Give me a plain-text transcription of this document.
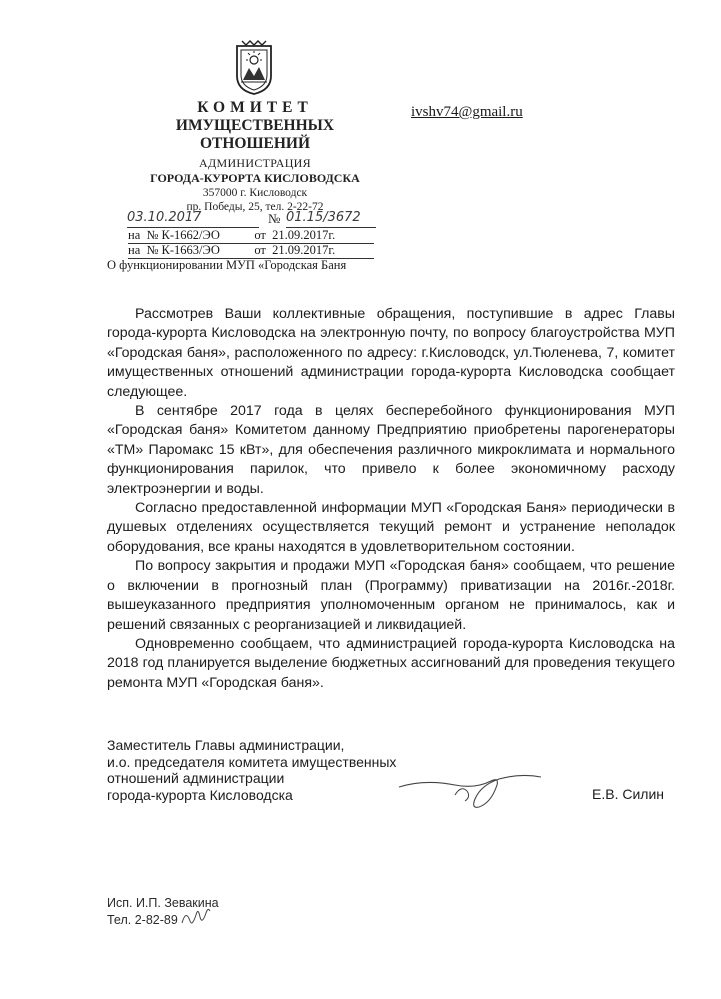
КОМИТЕТ
ИМУЩЕСТВЕННЫХ
ОТНОШЕНИЙ
АДМИНИСТРАЦИЯ
ГОРОДА-КУРОРТА КИСЛОВОДСКА
357000 г. Кисловодск
пр. Победы, 25, тел. 2-22-72
ivshv74@gmail.ru
03.10.2017	№ 01.15/3672
на  № К-1662/ЭО           от  21.09.2017г.
на  № К-1663/ЭО           от  21.09.2017г.
О функционировании МУП «Городская Баня

Рассмотрев Ваши коллективные обращения, поступившие в адрес Главы города-курорта Кисловодска на электронную почту, по вопросу благоустройства МУП «Городская баня», расположенного по адресу: г.Кисловодск, ул.Тюленева, 7, комитет имущественных отношений администрации города-курорта Кисловодска сообщает следующее.

В сентябре 2017 года в целях бесперебойного функционирования МУП «Городская баня» Комитетом данному Предприятию приобретены парогенераторы «ТМ» Паромакс 15 кВт», для обеспечения различного микроклимата и нормального функционирования парилок, что привело к более экономичному расходу электроэнергии и воды.

Согласно предоставленной информации МУП «Городская Баня» периодически в душевых отделениях осуществляется текущий ремонт и устранение неполадок оборудования, все краны находятся в удовлетворительном состоянии.

По вопросу закрытия и продажи МУП «Городская баня» сообщаем, что решение о включении в прогнозный план (Программу) приватизации на 2016г.-2018г. вышеуказанного предприятия уполномоченным органом не принималось, как и решений связанных с реорганизацией и ликвидацией.

Одновременно сообщаем, что администрацией города-курорта Кисловодска на 2018 год планируется выделение бюджетных ассигнований для проведения текущего ремонта МУП «Городская баня».

Заместитель Главы администрации,
и.о. председателя комитета имущественных
отношений администрации
города-курорта Кисловодска	Е.В. Силин
Исп. И.П. Зевакина
Тел. 2-82-89
